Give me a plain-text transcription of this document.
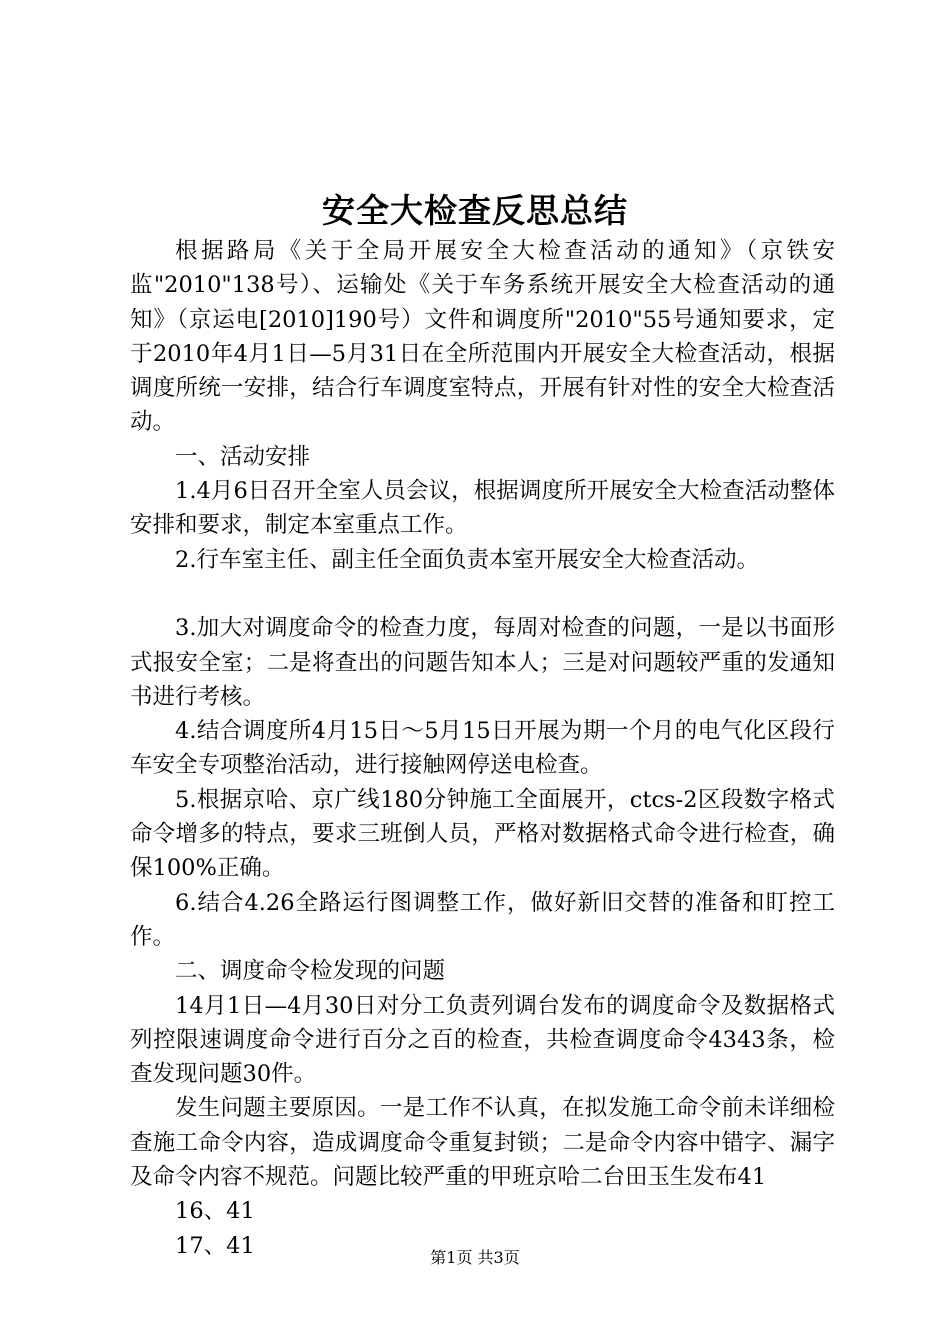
安全大检查反思总结

根据路局《关于全局开展安全大检查活动的通知》（京铁安监"2010"138号）、运输处《关于车务系统开展安全大检查活动的通知》（京运电[2010]190号）文件和调度所"2010"55号通知要求，定于2010年4月1日—5月31日在全所范围内开展安全大检查活动，根据调度所统一安排，结合行车调度室特点，开展有针对性的安全大检查活动。

一、活动安排

1.4月6日召开全室人员会议，根据调度所开展安全大检查活动整体安排和要求，制定本室重点工作。

2.行车室主任、副主任全面负责本室开展安全大检查活动。

3.加大对调度命令的检查力度，每周对检查的问题，一是以书面形式报安全室；二是将查出的问题告知本人；三是对问题较严重的发通知书进行考核。

4.结合调度所4月15日～5月15日开展为期一个月的电气化区段行车安全专项整治活动，进行接触网停送电检查。

5.根据京哈、京广线180分钟施工全面展开，ctcs-2区段数字格式命令增多的特点，要求三班倒人员，严格对数据格式命令进行检查，确保100%正确。

6.结合4.26全路运行图调整工作，做好新旧交替的准备和盯控工作。

二、调度命令检发现的问题

14月1日—4月30日对分工负责列调台发布的调度命令及数据格式列控限速调度命令进行百分之百的检查，共检查调度命令4343条，检查发现问题30件。

发生问题主要原因。一是工作不认真，在拟发施工命令前未详细检查施工命令内容，造成调度命令重复封锁；二是命令内容中错字、漏字及命令内容不规范。问题比较严重的甲班京哈二台田玉生发布41

16、41

17、41	第1页 共3页
